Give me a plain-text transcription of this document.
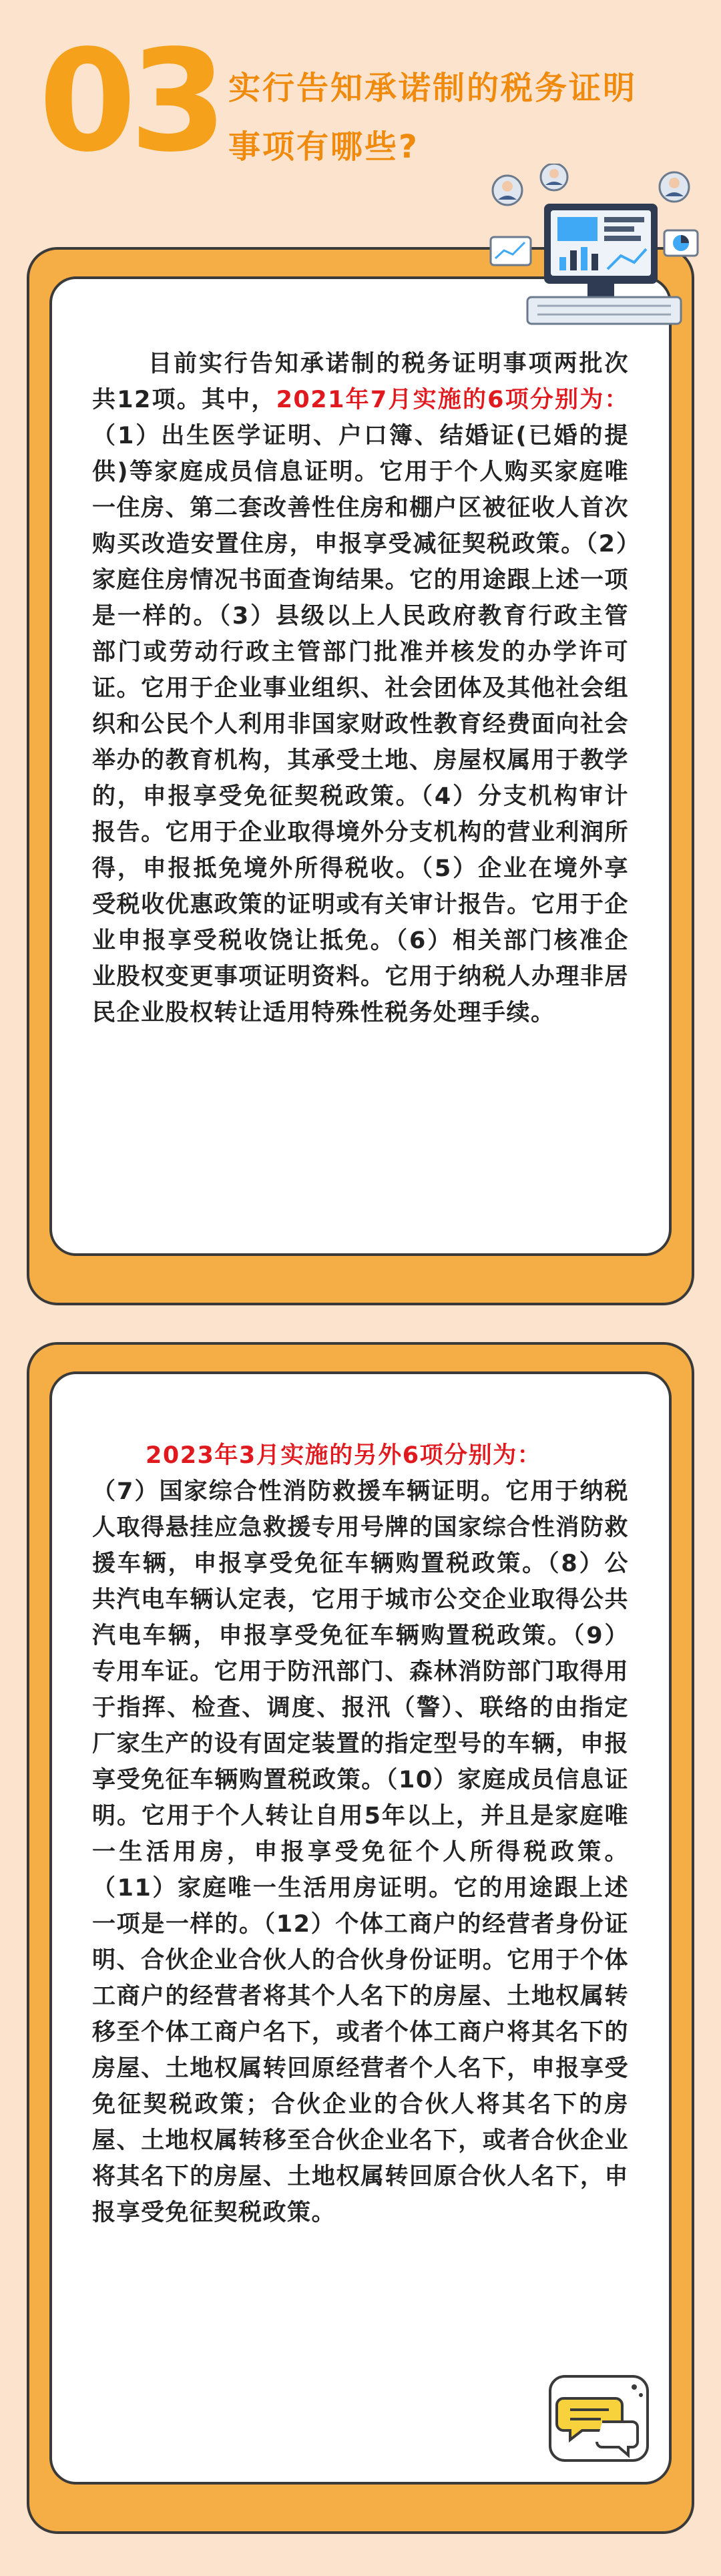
03 实行告知承诺制的税务证明
事项有哪些?
目前实行告知承诺制的税务证明事项两批次共12项。其中，2021年7月实施的6项分别为：（1）出生医学证明、户口簿、结婚证(已婚的提供)等家庭成员信息证明。它用于个人购买家庭唯一住房、第二套改善性住房和棚户区被征收人首次购买改造安置住房，申报享受减征契税政策。（2）家庭住房情况书面查询结果。它的用途跟上述一项是一样的。（3）县级以上人民政府教育行政主管部门或劳动行政主管部门批准并核发的办学许可证。它用于企业事业组织、社会团体及其他社会组织和公民个人利用非国家财政性教育经费面向社会举办的教育机构，其承受土地、房屋权属用于教学的，申报享受免征契税政策。（4）分支机构审计报告。它用于企业取得境外分支机构的营业利润所得，申报抵免境外所得税收。（5）企业在境外享受税收优惠政策的证明或有关审计报告。它用于企业申报享受税收饶让抵免。（6）相关部门核准企业股权变更事项证明资料。它用于纳税人办理非居民企业股权转让适用特殊性税务处理手续。
2023年3月实施的另外6项分别为：
（7）国家综合性消防救援车辆证明。它用于纳税人取得悬挂应急救援专用号牌的国家综合性消防救援车辆，申报享受免征车辆购置税政策。（8）公共汽电车辆认定表，它用于城市公交企业取得公共汽电车辆，申报享受免征车辆购置税政策。（9）专用车证。它用于防汛部门、森林消防部门取得用于指挥、检查、调度、报汛（警）、联络的由指定厂家生产的设有固定装置的指定型号的车辆，申报享受免征车辆购置税政策。（10）家庭成员信息证明。它用于个人转让自用5年以上，并且是家庭唯一生活用房，申报享受免征个人所得税政策。（11）家庭唯一生活用房证明。它的用途跟上述一项是一样的。（12）个体工商户的经营者身份证明、合伙企业合伙人的合伙身份证明。它用于个体工商户的经营者将其个人名下的房屋、土地权属转移至个体工商户名下，或者个体工商户将其名下的房屋、土地权属转回原经营者个人名下，申报享受免征契税政策；合伙企业的合伙人将其名下的房屋、土地权属转移至合伙企业名下，或者合伙企业将其名下的房屋、土地权属转回原合伙人名下，申报享受免征契税政策。
